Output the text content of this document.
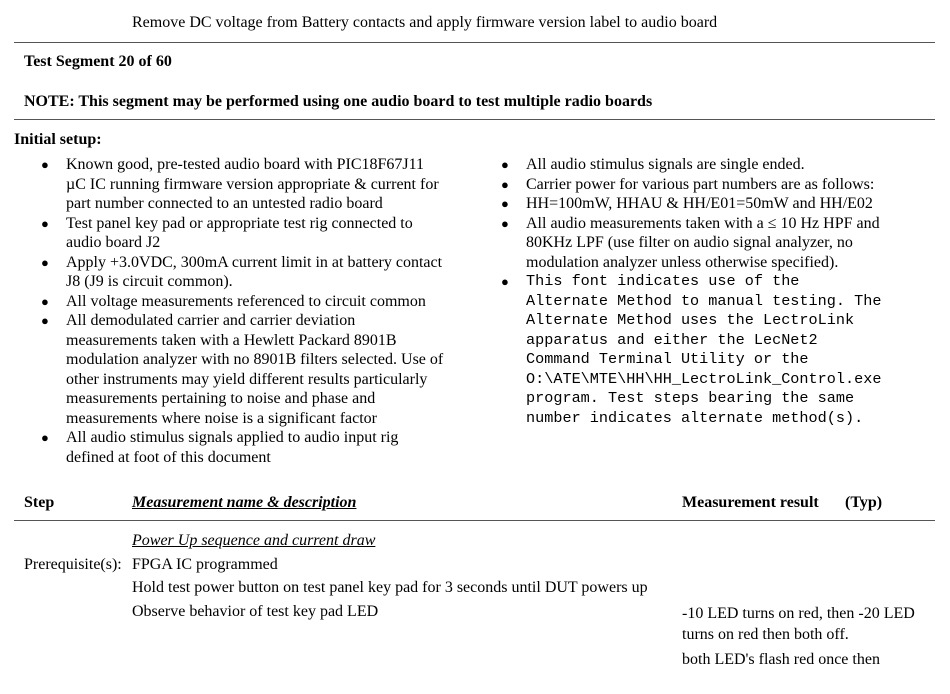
Remove DC voltage from Battery contacts and apply firmware version label to audio board
Test Segment 20 of 60
NOTE: This segment may be performed using one audio board to test multiple radio boards
Initial setup:
● Known good, pre-tested audio board with PIC18F67J11
µC IC running firmware version appropriate & current for
part number connected to an untested radio board
● Test panel key pad or appropriate test rig connected to
audio board J2
● Apply +3.0VDC, 300mA current limit in at battery contact
J8 (J9 is circuit common).
● All voltage measurements referenced to circuit common
● All demodulated carrier and carrier deviation
measurements taken with a Hewlett Packard 8901B
modulation analyzer with no 8901B filters selected. Use of
other instruments may yield different results particularly
measurements pertaining to noise and phase and
measurements where noise is a significant factor
● All audio stimulus signals applied to audio input rig
defined at foot of this document
● All audio stimulus signals are single ended.
● Carrier power for various part numbers are as follows:
● HH=100mW, HHAU & HH/E01=50mW and HH/E02
● All audio measurements taken with a ≤ 10 Hz HPF and
80KHz LPF (use filter on audio signal analyzer, no
modulation analyzer unless otherwise specified).
● This font indicates use of the
Alternate Method to manual testing. The
Alternate Method uses the LectroLink
apparatus and either the LecNet2
Command Terminal Utility or the
O:\ATE\MTE\HH\HH_LectroLink_Control.exe
program. Test steps bearing the same
number indicates alternate method(s).
Step	Measurement name & description	Measurement result (Typ)
Power Up sequence and current draw
Prerequisite(s): FPGA IC programmed
Hold test power button on test panel key pad for 3 seconds until DUT powers up
Observe behavior of test key pad LED	-10 LED turns on red, then -20 LED
turns on red then both off.
both LED's flash red once then
